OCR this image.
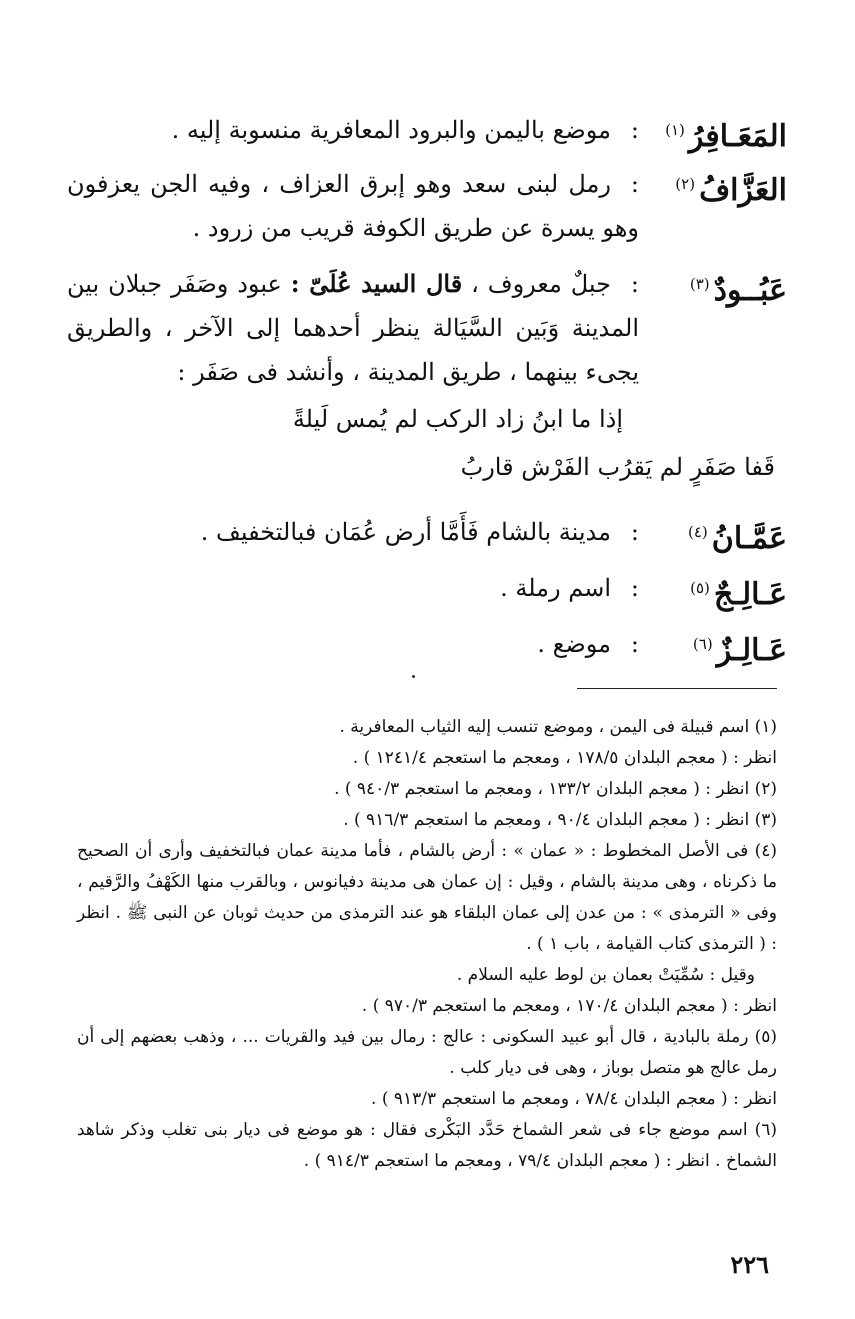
المَعَـافِرُ$^{(١)}$
:موضع باليمن والبرود المعافرية منسوبة إليه .
العَزَّافُ$^{(٢)}$
:رمل لبنى سعد وهو إبرق العزاف ، وفيه الجن يعزفون وهو يسرة عن طريق الكوفة قريب من زرود .
عَبُــودٌ$^{(٣)}$
:جبلٌ معروف ، قال السيد عُلَىّ : عبود وصَفَر جبلان بين المدينة وَبَين السَّيَالة ينظر أحدهما إلى الآخر ، والطريق يجىء بينهما ، طريق المدينة ، وأنشد فى صَفَر :
إذا ما ابنُ زاد الركب لم يُمس لَيلةً
قَفا صَفَرٍ لم يَقرُب الفَرْش قاربُ
عَمَّـانُ$^{(٤)}$
:مدينة بالشام فَأَمَّا أرض عُمَان فبالتخفيف .
عَـالِـجٌ$^{(٥)}$
:اسم رملة .
عَـالِـزٌ$^{(٦)}$
:موضع .
(١) اسم قبيلة فى اليمن ، وموضع تنسب إليه الثياب المعافرية .
انظر : ( معجم البلدان ١٧٨/٥ ، ومعجم ما استعجم ١٢٤١/٤ ) .
(٢) انظر : ( معجم البلدان ١٣٣/٢ ، ومعجم ما استعجم ٩٤٠/٣ ) .
(٣) انظر : ( معجم البلدان ٩٠/٤ ، ومعجم ما استعجم ٩١٦/٣ ) .
(٤) فى الأصل المخطوط : « عمان » : أرض بالشام ، فأما مدينة عمان فبالتخفيف وأرى أن الصحيح ما ذكرناه ، وهى مدينة بالشام ، وقيل : إن عمان هى مدينة دفيانوس ، وبالقرب منها الكَهْفُ والرَّقيم ، وفى « الترمذى » : من عدن إلى عمان البلقاء هو عند الترمذى من حديث ثوبان عن النبى ﷺ . انظر : ( الترمذى كتاب القيامة ، باب ١ ) .
وقيل : سُمِّيَتْ بعمان بن لوط عليه السلام .
انظر : ( معجم البلدان ١٧٠/٤ ، ومعجم ما استعجم ٩٧٠/٣ ) .
(٥) رملة بالبادية ، قال أبو عبيد السكونى : عالج : رمال بين فيد والقريات ... ، وذهب بعضهم إلى أن رمل عالج هو متصل بوباز ، وهى فى ديار كلب .
انظر : ( معجم البلدان ٧٨/٤ ، ومعجم ما استعجم ٩١٣/٣ ) .
(٦) اسم موضع جاء فى شعر الشماخ حَدَّد البَكْرى فقال : هو موضع فى ديار بنى تغلب وذكر شاهد الشماخ . انظر : ( معجم البلدان ٧٩/٤ ، ومعجم ما استعجم ٩١٤/٣ ) .
٢٢٦
